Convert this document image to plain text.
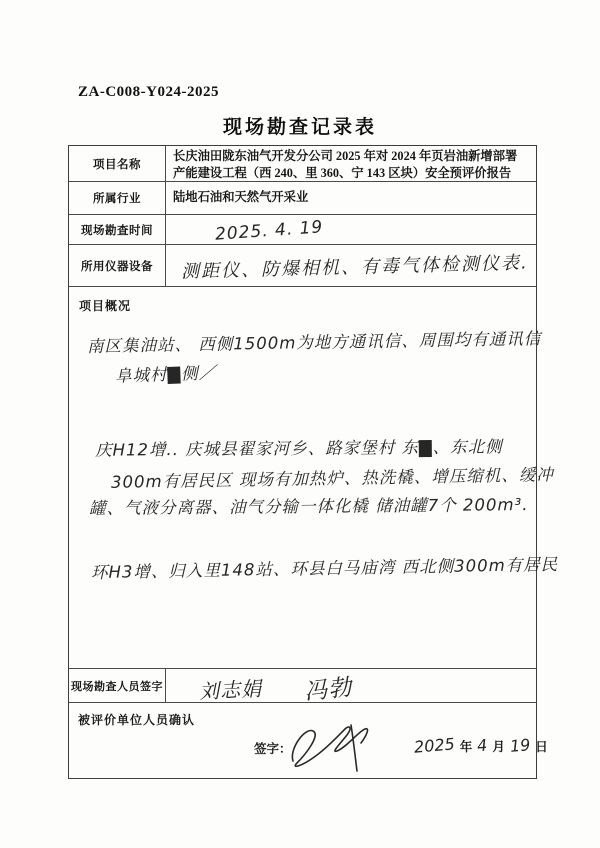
ZA-C008-Y024-2025
现场勘查记录表
项目名称
长庆油田陇东油气开发分公司 2025 年对 2024 年页岩油新增部署产能建设工程（西 240、里 360、宁 143 区块）安全预评价报告
所属行业	陆地石油和天然气开采业
现场勘查时间	2025. 4. 19
所用仪器设备	测距仪、防爆相机、有毒气体检测仪表.
项目概况
南区集油站、 西侧1500m为地方通讯信、周围均有通讯信
阜城村▇侧／
庆H12增.. 庆城县翟家河乡、路家堡村 东▇、东北侧
300m有居民区 现场有加热炉、热洗橇、增压缩机、缓冲
罐、气液分离器、油气分输一体化橇 储油罐7个 200m³.
环H3增、归入里148站、环县白马庙湾 西北侧300m有居民
现场勘查人员签字	刘志娟 冯勃
被评价单位人员确认
签字：	2025 年 4 月 19 日
